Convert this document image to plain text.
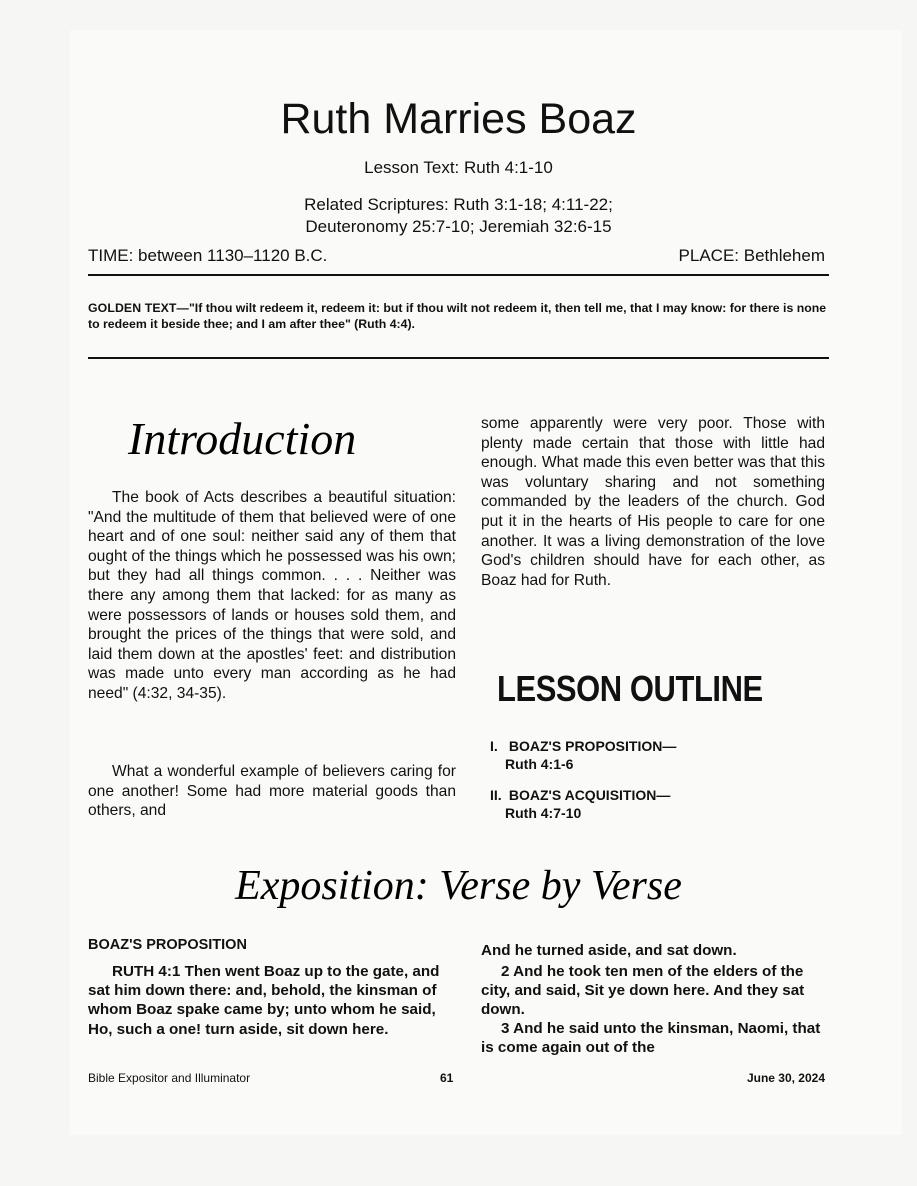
Ruth Marries Boaz
Lesson Text: Ruth 4:1-10
Related Scriptures: Ruth 3:1-18; 4:11-22;
Deuteronomy 25:7-10; Jeremiah 32:6-15
TIME: between 1130–1120 B.C.	PLACE: Bethlehem
GOLDEN TEXT—"If thou wilt redeem it, redeem it: but if thou wilt not redeem it, then tell me, that I may know: for there is none to redeem it beside thee; and I am after thee" (Ruth 4:4).
Introduction

The book of Acts describes a beautiful situation: "And the multitude of them that believed were of one heart and of one soul: neither said any of them that ought of the things which he possessed was his own; but they had all things common. . . . Neither was there any among them that lacked: for as many as were possessors of lands or houses sold them, and brought the prices of the things that were sold, and laid them down at the apostles' feet: and distribution was made unto every man according as he had need" (4:32, 34-35).

What a wonderful example of believers caring for one another! Some had more material goods than others, and

some apparently were very poor. Those with plenty made certain that those with little had enough. What made this even better was that this was voluntary sharing and not something commanded by the leaders of the church. God put it in the hearts of His people to care for one another. It was a living demonstration of the love God's children should have for each other, as Boaz had for Ruth.

LESSON OUTLINE
I. BOAZ'S PROPOSITION—
Ruth 4:1-6
II. BOAZ'S ACQUISITION—
Ruth 4:7-10
Exposition: Verse by Verse
BOAZ'S PROPOSITION

RUTH 4:1 Then went Boaz up to the gate, and sat him down there: and, behold, the kinsman of whom Boaz spake came by; unto whom he said, Ho, such a one! turn aside, sit down here.

And he turned aside, and sat down.

2 And he took ten men of the elders of the city, and said, Sit ye down here. And they sat down.

3 And he said unto the kinsman, Naomi, that is come again out of the

Bible Expositor and Illuminator	61	June 30, 2024
